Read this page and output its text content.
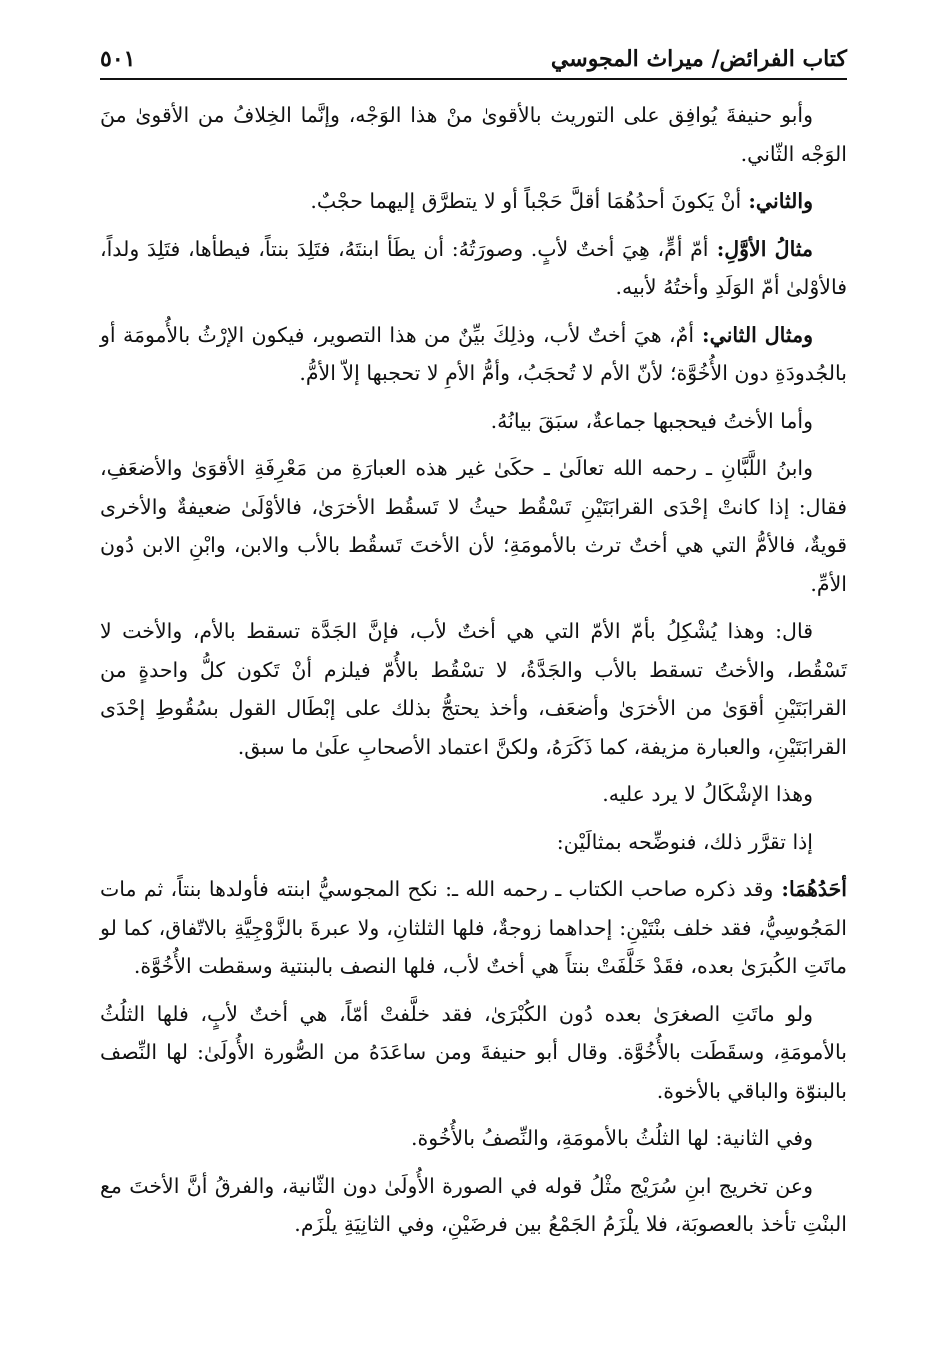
كتاب الفرائض/ ميراث المجوسي
٥٠١

وأبو حنيفةَ يُوافِق على التوريث بالأقوىٰ منْ هذا الوَجْه، وإنَّما الخِلافُ من الأقوىٰ منَ الوَجْه الثّاني.

والثاني: أنْ يَكونَ أحدُهُمَا أقلَّ حَجْباً أو لا يتطرَّق إليهما حجْبٌ.

مثالُ الأوَّلِ: أمّ أمٍّ، هِيَ أختٌ لأبٍ. وصورَتُهُ: أن يطَأ ابنتَهُ، فتَلِدَ بنتاً، فيطأها، فتَلِدَ ولداً، فالأوْلىٰ أمّ الوَلَدِ وأختُهُ لأبيه.

ومثال الثاني: أمٌ، هيَ أختٌ لأب، وذلِكَ بيِّنٌ من هذا التصوير، فيكون الإرْثُ بالأُمومَة أو بالجُدودَةِ دون الأُخُوَّة؛ لأنّ الأم لا تُحجَبُ، وأمُّ الأمِ لا تحجبها إلاّ الأمُّ.

وأما الأختُ فيحجبها جماعةٌ، سبَقَ بيانُهُ.

وابنُ اللَّبَّانِ ـ رحمه الله تعالَىٰ ـ حكَىٰ غير هذه العبارَةِ من مَعْرِفَةِ الأقوَىٰ والأضعَفِ، فقال: إذا كانتْ إحْدَى القرابَتَيْنِ تَسْقُط حيثُ لا تَسقُط الأخرَىٰ، فالأوْلَىٰ ضعيفةٌ والأخرى قويةٌ، فالأمُّ التي هي أختٌ ترث بالأمومَةِ؛ لأن الأختَ تَسقُط بالأب والابن، وابْنِ الابن دُون الأمِّ.

قال: وهذا يُشْكِلُ بأمّ الأمّ التي هي أختٌ لأب، فإنَّ الجَدَّة تسقط بالأم، والأخت لا تَسْقُط، والأختُ تسقط بالأب والجَدَّةُ، لا تسْقُط بالأُمّ فيلزم أنْ تَكون كلُّ واحدةٍ من القرابَتَيْنِ أقوَىٰ من الأخرَىٰ وأضعَف، وأخذ يحتجُّ بذلك على إبْطَال القول بسُقُوطِ إحْدَى القرابَتَيْنِ، والعبارة مزيفة، كما ذَكَرَهُ، ولكنَّ اعتماد الأصحابِ علَىٰ ما سبق.

وهذا الإشْكَالُ لا يرد عليه.

إذا تقرَّر ذلك، فنوضِّحه بمثالَيْن:

أحَدُهُمَا: وقد ذكره صاحب الكتاب ـ رحمه الله ـ: نكح المجوسيُّ ابنته فأولدها بنتاً، ثم مات المَجُوسِيُّ، فقد خلف بنْتَيْنِ: إحداهما زوجةٌ، فلها الثلثانِ، ولا عبرةَ بالزَّوْجِيَّةِ بالاتّفاق، كما لو ماتَتِ الكُبرَىٰ بعده، فقَدْ خَلَّفَتْ بنتاً هي أختٌ لأب، فلها النصف بالبنتية وسقطت الأُخُوَّة.

ولو ماتَتِ الصغرَىٰ بعده دُون الكُبْرَىٰ، فقد خلَّفتْ أمّاً، هي أختٌ لأبٍ، فلها الثلُثُ بالأمومَةِ، وسقَطَت بالأُخُوَّة. وقال أبو حنيفةَ ومن ساعَدَهُ من الصُّورة الأُولَىٰ: لها النِّصف بالبنوّة والباقي بالأخوة.

وفي الثانية: لها الثلُثُ بالأمومَةِ، والنِّصفُ بالأُخُوة.

وعن تخريج ابنِ سُرَيْج مثْلُ قوله في الصورة الأُولَىٰ دون الثّانية، والفرقُ أنَّ الأختَ مع البنْتِ تأخذ بالعصوبَة، فلا يلْزَمُ الجَمْعُ بين فرضَيْنِ، وفي الثانِيَةِ يلْزَم.
